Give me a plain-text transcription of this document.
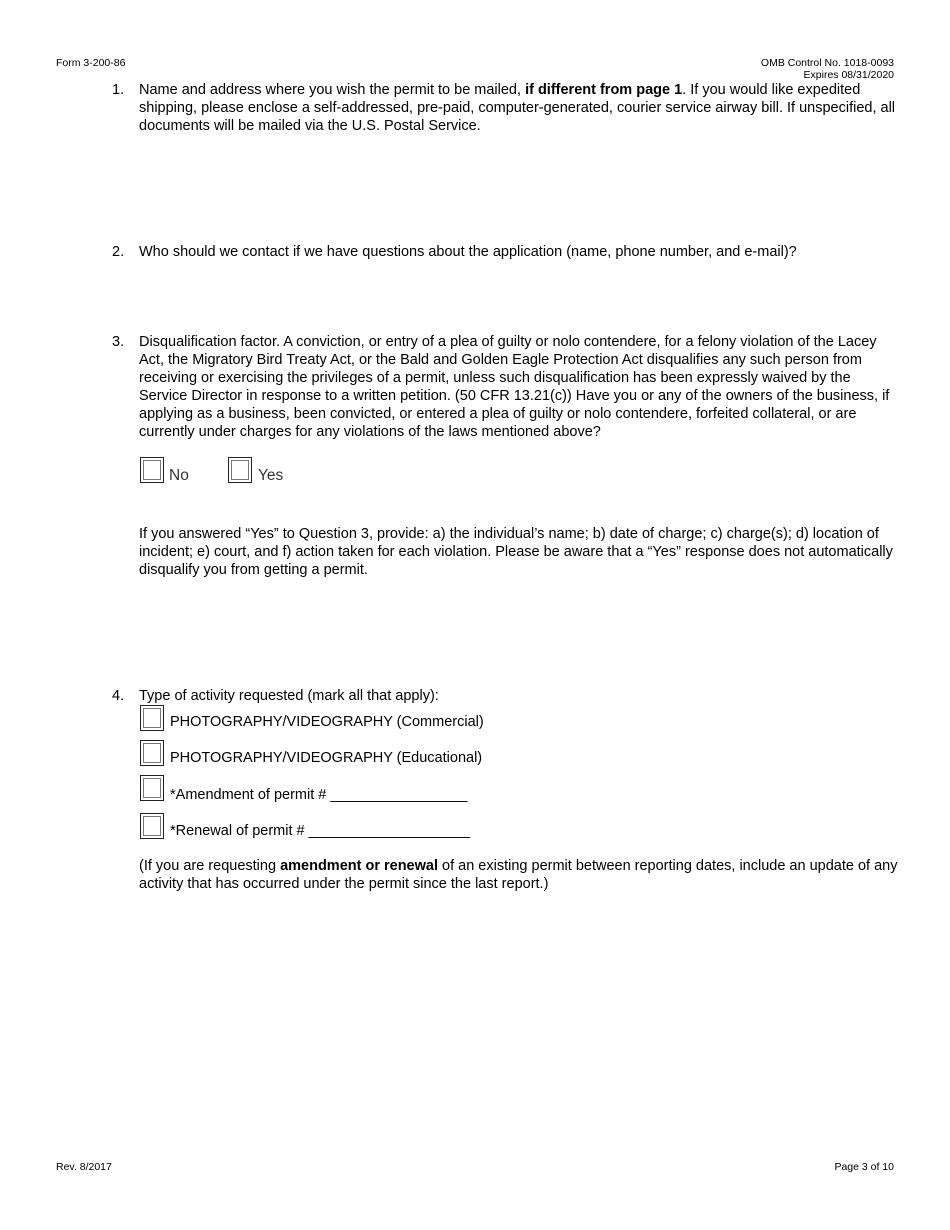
Form 3-200-86	OMB Control No. 1018-0093
Expires 08/31/2020
1. Name and address where you wish the permit to be mailed, if different from page 1. If you would like expedited shipping, please enclose a self-addressed, pre-paid, computer-generated, courier service airway bill. If unspecified, all documents will be mailed via the U.S. Postal Service.
2. Who should we contact if we have questions about the application (name, phone number, and e-mail)?
3. Disqualification factor. A conviction, or entry of a plea of guilty or nolo contendere, for a felony violation of the Lacey Act, the Migratory Bird Treaty Act, or the Bald and Golden Eagle Protection Act disqualifies any such person from receiving or exercising the privileges of a permit, unless such disqualification has been expressly waived by the Service Director in response to a written petition. (50 CFR 13.21(c)) Have you or any of the owners of the business, if applying as a business, been convicted, or entered a plea of guilty or nolo contendere, forfeited collateral, or are currently under charges for any violations of the laws mentioned above?
No	Yes
If you answered “Yes” to Question 3, provide: a) the individual’s name; b) date of charge; c) charge(s); d) location of incident; e) court, and f) action taken for each violation. Please be aware that a “Yes” response does not automatically disqualify you from getting a permit.
4. Type of activity requested (mark all that apply):
PHOTOGRAPHY/VIDEOGRAPHY (Commercial)
PHOTOGRAPHY/VIDEOGRAPHY (Educational)
*Amendment of permit # _________________
*Renewal of permit # ____________________
(If you are requesting amendment or renewal of an existing permit between reporting dates, include an update of any activity that has occurred under the permit since the last report.)
Rev. 8/2017	Page 3 of 10
